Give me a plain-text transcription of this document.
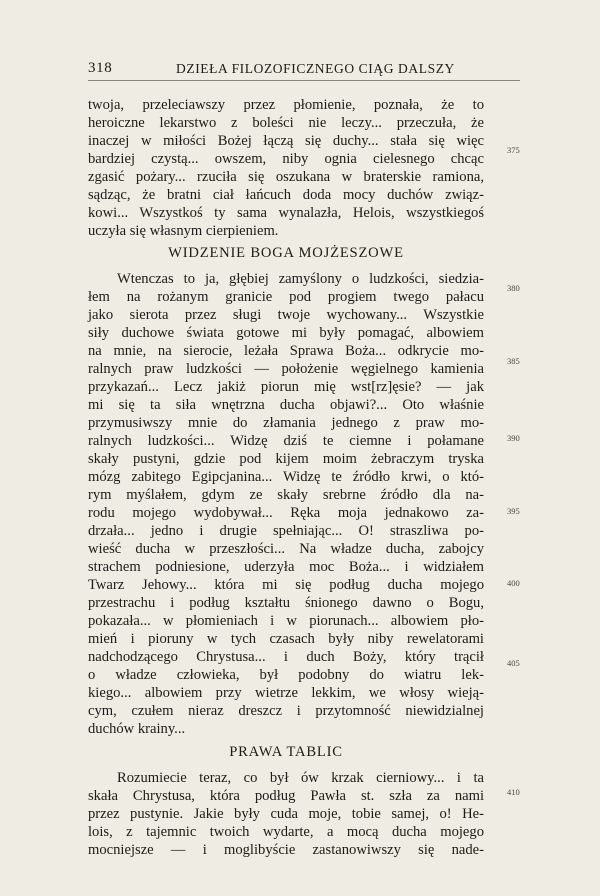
318	DZIEŁA FILOZOFICZNEGO CIĄG DALSZY
twoja, przeleciawszy przez płomienie, poznała, że to
heroiczne lekarstwo z boleści nie leczy... przeczuła, że
inaczej w miłości Bożej łączą się duchy... stała się więc
bardziej czystą... owszem, niby ognia cielesnego chcąc
zgasić pożary... rzuciła się oszukana w braterskie ramiona,
sądząc, że bratni ciał łańcuch doda mocy duchów związ-
kowi... Wszystkoś ty sama wynalazła, Helois, wszystkiegoś
uczyła się własnym cierpieniem.
WIDZENIE BOGA MOJŻESZOWE
Wtenczas to ja, głębiej zamyślony o ludzkości, siedzia-
łem na rożanym granicie pod progiem twego pałacu
jako sierota przez sługi twoje wychowany... Wszystkie
siły duchowe świata gotowe mi były pomagać, albowiem
na mnie, na sierocie, leżała Sprawa Boża... odkrycie mo-
ralnych praw ludzkości — położenie węgielnego kamienia
przykazań... Lecz jakiż piorun mię wst[rz]ęsie? — jak
mi się ta siła wnętrzna ducha objawi?... Oto właśnie
przymusiwszy mnie do złamania jednego z praw mo-
ralnych ludzkości... Widzę dziś te ciemne i połamane
skały pustyni, gdzie pod kijem moim żebraczym tryska
mózg zabitego Egipcjanina... Widzę te źródło krwi, o któ-
rym myślałem, gdym ze skały srebrne źródło dla na-
rodu mojego wydobywał... Ręka moja jednakowo za-
drzała... jedno i drugie spełniając... O! straszliwa po-
wieść ducha w przeszłości... Na władze ducha, zabojcy
strachem podniesione, uderzyła moc Boża... i widziałem
Twarz Jehowy... która mi się podług ducha mojego
przestrachu i podług kształtu śnionego dawno o Bogu,
pokazała... w płomieniach i w piorunach... albowiem pło-
mień i pioruny w tych czasach były niby rewelatorami
nadchodzącego Chrystusa... i duch Boży, który trącił
o władze człowieka, był podobny do wiatru lek-
kiego... albowiem przy wietrze lekkim, we włosy wieją-
cym, czułem nieraz dreszcz i przytomność niewidzialnej
duchów krainy...
PRAWA TABLIC
Rozumiecie teraz, co był ów krzak cierniowy... i ta
skała Chrystusa, która podług Pawła st. szła za nami
przez pustynie. Jakie były cuda moje, tobie samej, o! He-
lois, z tajemnic twoich wydarte, a mocą ducha mojego
mocniejsze — i moglibyście zastanowiwszy się nade-
375
380
385
390
395
400
405
410
